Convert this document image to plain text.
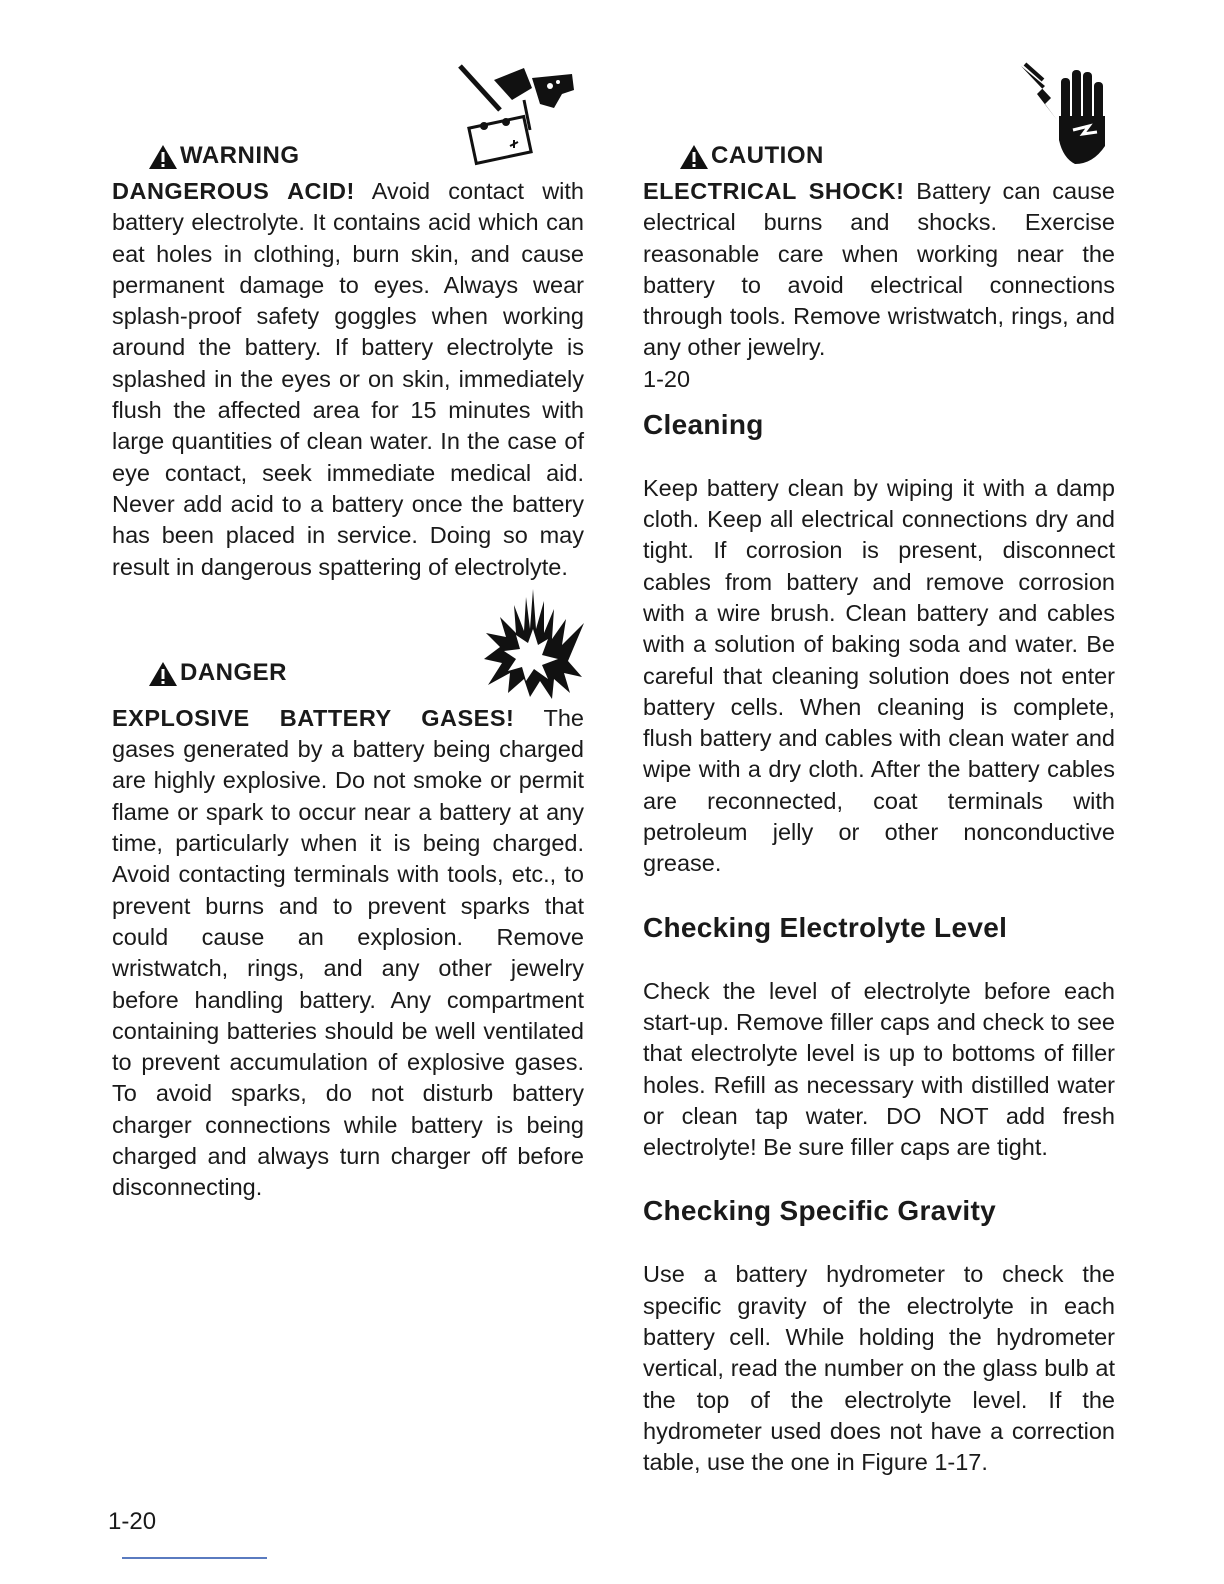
WARNING

DANGEROUS ACID! Avoid contact with battery electrolyte. It contains acid which can eat holes in clothing, burn skin, and cause permanent damage to eyes. Always wear splash-proof safety goggles when working around the battery. If battery electrolyte is splashed in the eyes or on skin, immediately flush the affected area for 15 minutes with large quantities of clean water. In the case of eye contact, seek immediate medical aid. Never add acid to a battery once the battery has been placed in service. Doing so may result in dangerous spattering of electrolyte.

DANGER

EXPLOSIVE BATTERY GASES! The gases generated by a battery being charged are highly explosive. Do not smoke or permit flame or spark to occur near a battery at any time, particularly when it is being charged. Avoid contacting terminals with tools, etc., to prevent burns and to prevent sparks that could cause an explosion. Remove wristwatch, rings, and any other jewelry before handling battery. Any compartment containing batteries should be well ventilated to prevent accumulation of explosive gases. To avoid sparks, do not disturb battery charger connections while battery is being charged and always turn charger off before disconnecting.

CAUTION

ELECTRICAL SHOCK! Battery can cause electrical burns and shocks. Exercise reasonable care when working near the battery to avoid electrical connections through tools. Remove wristwatch, rings, and any other jewelry.

1-20
Cleaning

Keep battery clean by wiping it with a damp cloth. Keep all electrical connections dry and tight. If corrosion is present, disconnect cables from battery and remove corrosion with a wire brush. Clean battery and cables with a solution of baking soda and water. Be careful that cleaning solution does not enter battery cells. When cleaning is complete, flush battery and cables with clean water and wipe with a dry cloth. After the battery cables are reconnected, coat terminals with petroleum jelly or other nonconductive grease.

Checking Electrolyte Level

Check the level of electrolyte before each start-up. Remove filler caps and check to see that electrolyte level is up to bottoms of filler holes. Refill as necessary with distilled water or clean tap water. DO NOT add fresh electrolyte! Be sure filler caps are tight.

Checking Specific Gravity

Use a battery hydrometer to check the specific gravity of the electrolyte in each battery cell. While holding the hydrometer vertical, read the number on the glass bulb at the top of the electrolyte level. If the hydrometer used does not have a correction table, use the one in Figure 1-17.

1-20
